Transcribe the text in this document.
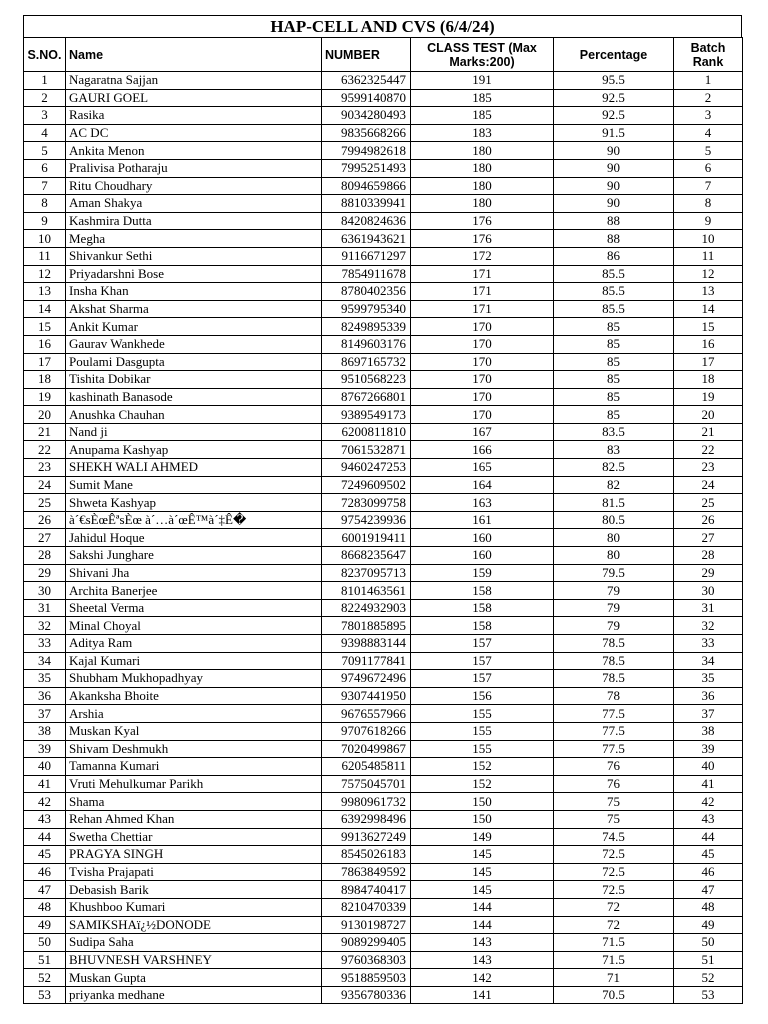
HAP-CELL AND CVS (6/4/24)
S.NO.	Name	NUMBER	CLASS TEST (Max Marks:200)	Percentage	Batch Rank
1	Nagaratna Sajjan	6362325447	191	95.5	1
2	GAURI GOEL	9599140870	185	92.5	2
3	Rasika	9034280493	185	92.5	3
4	AC DC	9835668266	183	91.5	4
5	Ankita Menon	7994982618	180	90	5
6	Pralivisa Potharaju	7995251493	180	90	6
7	Ritu Choudhary	8094659866	180	90	7
8	Aman Shakya	8810339941	180	90	8
9	Kashmira Dutta	8420824636	176	88	9
10	Megha	6361943621	176	88	10
11	Shivankur Sethi	9116671297	172	86	11
12	Priyadarshni Bose	7854911678	171	85.5	12
13	Insha Khan	8780402356	171	85.5	13
14	Akshat Sharma	9599795340	171	85.5	14
15	Ankit Kumar	8249895339	170	85	15
16	Gaurav Wankhede	8149603176	170	85	16
17	Poulami Dasgupta	8697165732	170	85	17
18	Tishita Dobikar	9510568223	170	85	18
19	kashinath Banasode	8767266801	170	85	19
20	Anushka Chauhan	9389549173	170	85	20
21	Nand ji	6200811810	167	83.5	21
22	Anupama Kashyap	7061532871	166	83	22
23	SHEKH WALI AHMED	9460247253	165	82.5	23
24	Sumit Mane	7249609502	164	82	24
25	Shweta Kashyap	7283099758	163	81.5	25
26	à´€sÈœÊªsÈœ à´…à´œÊ™à´‡Ê�	9754239936	161	80.5	26
27	Jahidul Hoque	6001919411	160	80	27
28	Sakshi Junghare	8668235647	160	80	28
29	Shivani Jha	8237095713	159	79.5	29
30	Archita Banerjee	8101463561	158	79	30
31	Sheetal Verma	8224932903	158	79	31
32	Minal Choyal	7801885895	158	79	32
33	Aditya Ram	9398883144	157	78.5	33
34	Kajal Kumari	7091177841	157	78.5	34
35	Shubham Mukhopadhyay	9749672496	157	78.5	35
36	Akanksha Bhoite	9307441950	156	78	36
37	Arshia	9676557966	155	77.5	37
38	Muskan Kyal	9707618266	155	77.5	38
39	Shivam Deshmukh	7020499867	155	77.5	39
40	Tamanna Kumari	6205485811	152	76	40
41	Vruti Mehulkumar Parikh	7575045701	152	76	41
42	Shama	9980961732	150	75	42
43	Rehan Ahmed Khan	6392998496	150	75	43
44	Swetha Chettiar	9913627249	149	74.5	44
45	PRAGYA SINGH	8545026183	145	72.5	45
46	Tvisha Prajapati	7863849592	145	72.5	46
47	Debasish Barik	8984740417	145	72.5	47
48	Khushboo Kumari	8210470339	144	72	48
49	SAMIKSHAï¿½DONODE	9130198727	144	72	49
50	Sudipa Saha	9089299405	143	71.5	50
51	BHUVNESH VARSHNEY	9760368303	143	71.5	51
52	Muskan Gupta	9518859503	142	71	52
53	priyanka medhane	9356780336	141	70.5	53
